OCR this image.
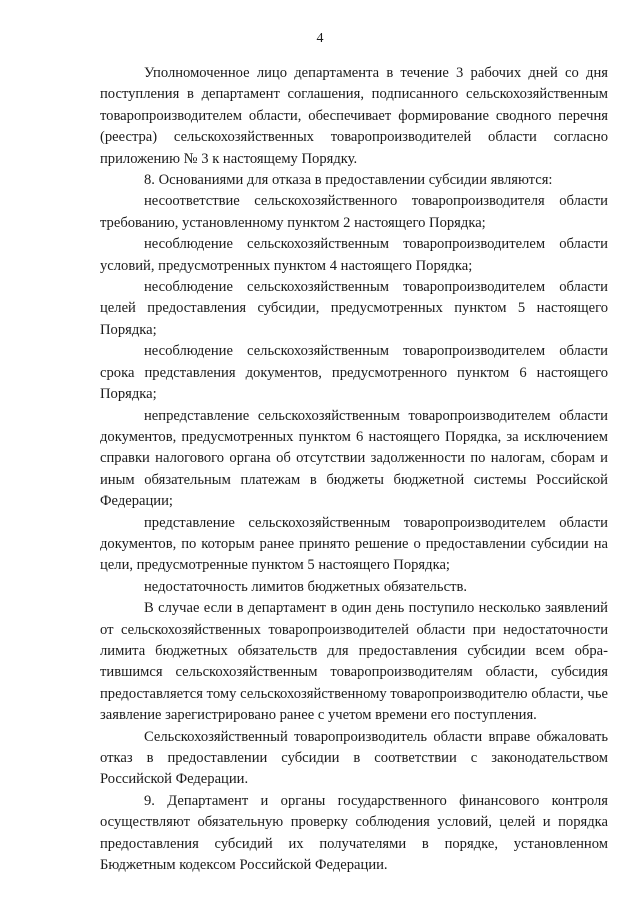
4

Уполномоченное лицо департамента в течение 3 рабочих дней со дня поступления в департамент соглашения, подписанного сельскохозяйственным товаропроизводителем области, обеспечивает формирование сводного перечня (реестра) сельскохозяйственных товаропроизводителей области согласно приложению № 3 к настоящему Порядку.

8. Основаниями для отказа в предоставлении субсидии являются:

несоответствие сельскохозяйственного товаропроизводителя области требованию, установленному пунктом 2 настоящего Порядка;

несоблюдение сельскохозяйственным товаропроизводителем области условий, предусмотренных пунктом 4 настоящего Порядка;

несоблюдение сельскохозяйственным товаропроизводителем области целей предоставления субсидии, предусмотренных пунктом 5 настоящего Порядка;

несоблюдение сельскохозяйственным товаропроизводителем области срока представления документов, предусмотренного пунктом 6 настоящего Порядка;

непредставление сельскохозяйственным товаропроизводителем области документов, предусмотренных пунктом 6 настоящего Порядка, за исключением справки налогового органа об отсутствии задолженности по налогам, сборам и иным обязательным платежам в бюджеты бюджетной системы Российской Федерации;

представление сельскохозяйственным товаропроизводителем области документов, по которым ранее принято решение о предоставлении субсидии на цели, предусмотренные пунктом 5 настоящего Порядка;

недостаточность лимитов бюджетных обязательств.

В случае если в департамент в один день поступило несколько заявлений от сельскохозяйственных товаропроизводителей области при недостаточности лимита бюджетных обязательств для предоставления субсидии всем обратившимся сельскохозяйственным товаропроизводителям области, субсидия предоставляется тому сельскохозяйственному товаропроизводителю области, чье заявление зарегистрировано ранее с учетом времени его поступления.

Сельскохозяйственный товаропроизводитель области вправе обжаловать отказ в предоставлении субсидии в соответствии с законодательством Российской Федерации.

9. Департамент и органы государственного финансового контроля осуществляют обязательную проверку соблюдения условий, целей и порядка предоставления субсидий их получателями в порядке, установленном Бюджетным кодексом Российской Федерации.
